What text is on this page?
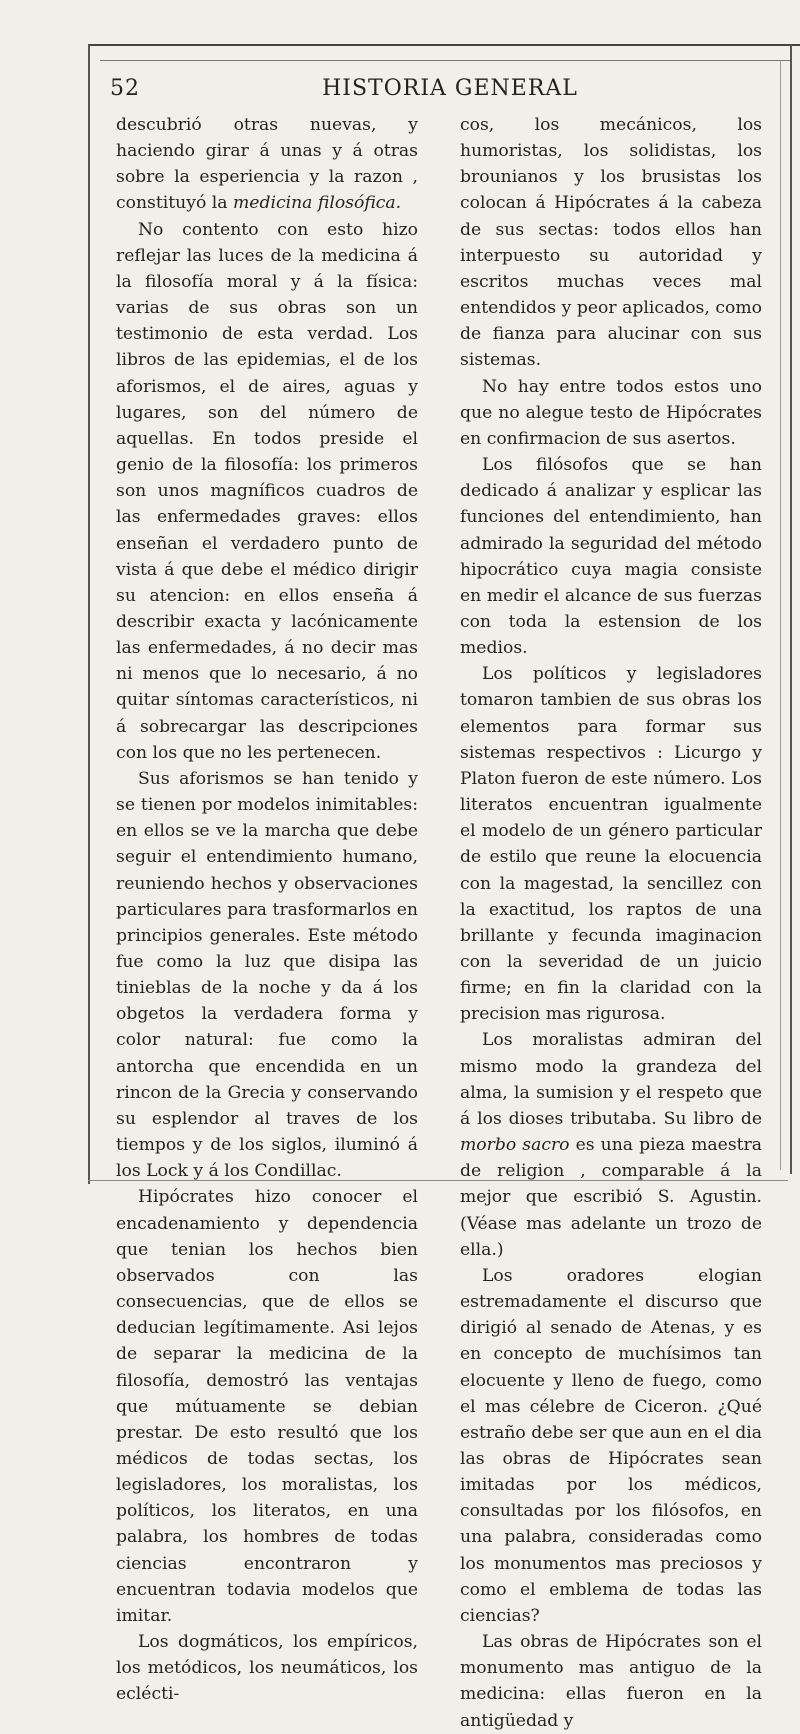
52	HISTORIA GENERAL

descubrió otras nuevas, y haciendo girar á unas y á otras sobre la esperiencia y la razon , constituyó la medicina filosófica.

No contento con esto hizo reflejar las luces de la medicina á la filosofía moral y á la física: varias de sus obras son un testimonio de esta verdad. Los libros de las epidemias, el de los aforismos, el de aires, aguas y lugares, son del número de aquellas. En todos preside el genio de la filosofía: los primeros son unos magníficos cuadros de las enfermedades graves: ellos enseñan el verdadero punto de vista á que debe el médico dirigir su atencion: en ellos enseña á describir exacta y lacónicamente las enfermedades, á no decir mas ni menos que lo necesario, á no quitar síntomas característicos, ni á sobrecargar las descripciones con los que no les pertenecen.

Sus aforismos se han tenido y se tienen por modelos inimitables: en ellos se ve la marcha que debe seguir el entendimiento humano, reuniendo hechos y observaciones particulares para trasformarlos en principios generales. Este método fue como la luz que disipa las tinieblas de la noche y da á los obgetos la verdadera forma y color natural: fue como la antorcha que encendida en un rincon de la Grecia y conservando su esplendor al traves de los tiempos y de los siglos, iluminó á los Lock y á los Condillac.

Hipócrates hizo conocer el encadenamiento y dependencia que tenian los hechos bien observados con las consecuencias, que de ellos se deducian legítimamente. Asi lejos de separar la medicina de la filosofía, demostró las ventajas que mútuamente se debian prestar. De esto resultó que los médicos de todas sectas, los legisladores, los moralistas, los políticos, los literatos, en una palabra, los hombres de todas ciencias encontraron y encuentran todavia modelos que imitar.

Los dogmáticos, los empíricos, los metódicos, los neumáticos, los eclécti-

cos, los mecánicos, los humoristas, los solidistas, los brounianos y los brusistas los colocan á Hipócrates á la cabeza de sus sectas: todos ellos han interpuesto su autoridad y escritos muchas veces mal entendidos y peor aplicados, como de fianza para alucinar con sus sistemas.

No hay entre todos estos uno que no alegue testo de Hipócrates en confirmacion de sus asertos.

Los filósofos que se han dedicado á analizar y esplicar las funciones del entendimiento, han admirado la seguridad del método hipocrático cuya magia consiste en medir el alcance de sus fuerzas con toda la estension de los medios.

Los políticos y legisladores tomaron tambien de sus obras los elementos para formar sus sistemas respectivos : Licurgo y Platon fueron de este número. Los literatos encuentran igualmente el modelo de un género particular de estilo que reune la elocuencia con la magestad, la sencillez con la exactitud, los raptos de una brillante y fecunda imaginacion con la severidad de un juicio firme; en fin la claridad con la precision mas rigurosa.

Los moralistas admiran del mismo modo la grandeza del alma, la sumision y el respeto que á los dioses tributaba. Su libro de morbo sacro es una pieza maestra de religion , comparable á la mejor que escribió S. Agustin. (Véase mas adelante un trozo de ella.)

Los oradores elogian estremadamente el discurso que dirigió al senado de Atenas, y es en concepto de muchísimos tan elocuente y lleno de fuego, como el mas célebre de Ciceron. ¿Qué estraño debe ser que aun en el dia las obras de Hipócrates sean imitadas por los médicos, consultadas por los filósofos, en una palabra, consideradas como los monumentos mas preciosos y como el emblema de todas las ciencias?

Las obras de Hipócrates son el monumento mas antiguo de la medicina: ellas fueron en la antigüedad y
